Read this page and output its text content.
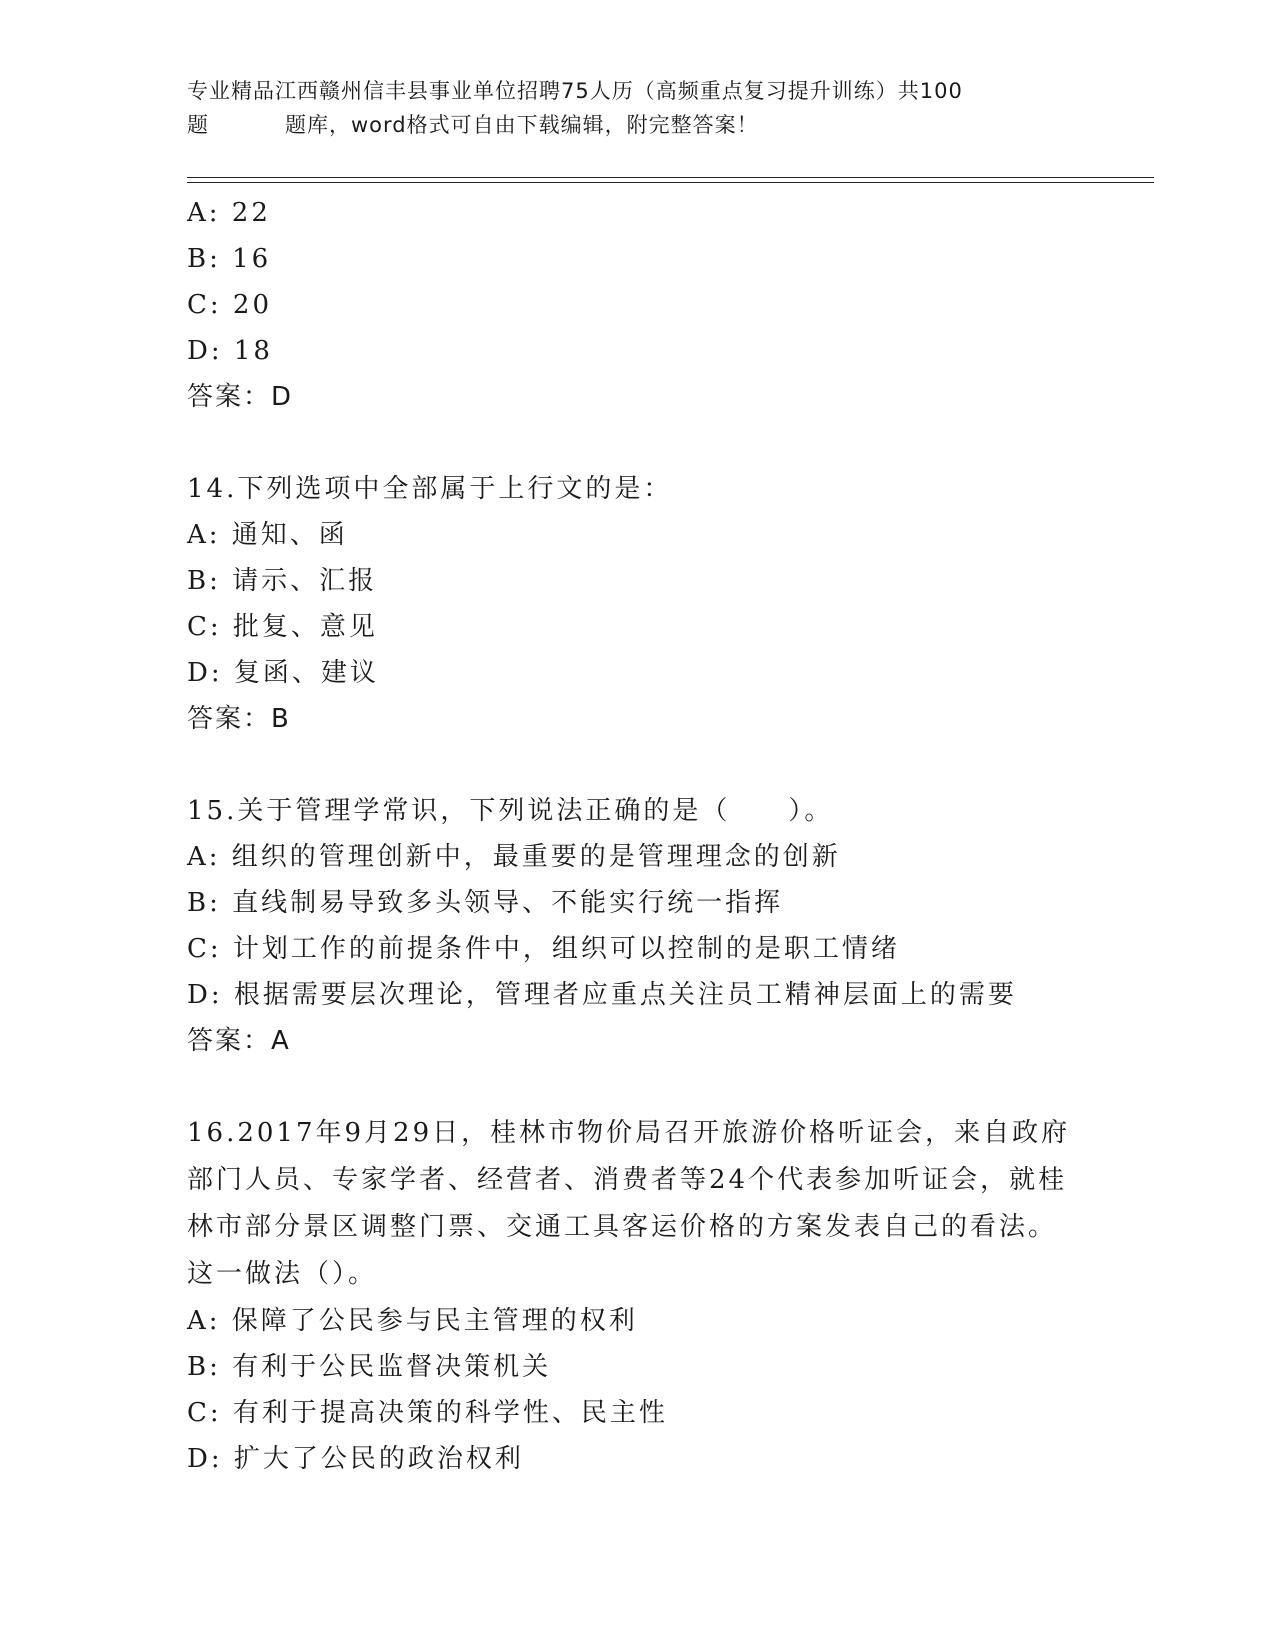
专业精品江西赣州信丰县事业单位招聘75人历（高频重点复习提升训练）共100
题	题库，word格式可自由下载编辑，附完整答案！
A: 22
B: 16
C: 20
D: 18
答案：D
14.下列选项中全部属于上行文的是：
A: 通知、函
B: 请示、汇报
C: 批复、意见
D: 复函、建议
答案：B
15.关于管理学常识，下列说法正确的是（　　）。
A: 组织的管理创新中，最重要的是管理理念的创新
B: 直线制易导致多头领导、不能实行统一指挥
C: 计划工作的前提条件中，组织可以控制的是职工情绪
D: 根据需要层次理论，管理者应重点关注员工精神层面上的需要
答案：A
16.2017年9月29日，桂林市物价局召开旅游价格听证会，来自政府
部门人员、专家学者、经营者、消费者等24个代表参加听证会，就桂
林市部分景区调整门票、交通工具客运价格的方案发表自己的看法。
这一做法（）。
A: 保障了公民参与民主管理的权利
B: 有利于公民监督决策机关
C: 有利于提高决策的科学性、民主性
D: 扩大了公民的政治权利
